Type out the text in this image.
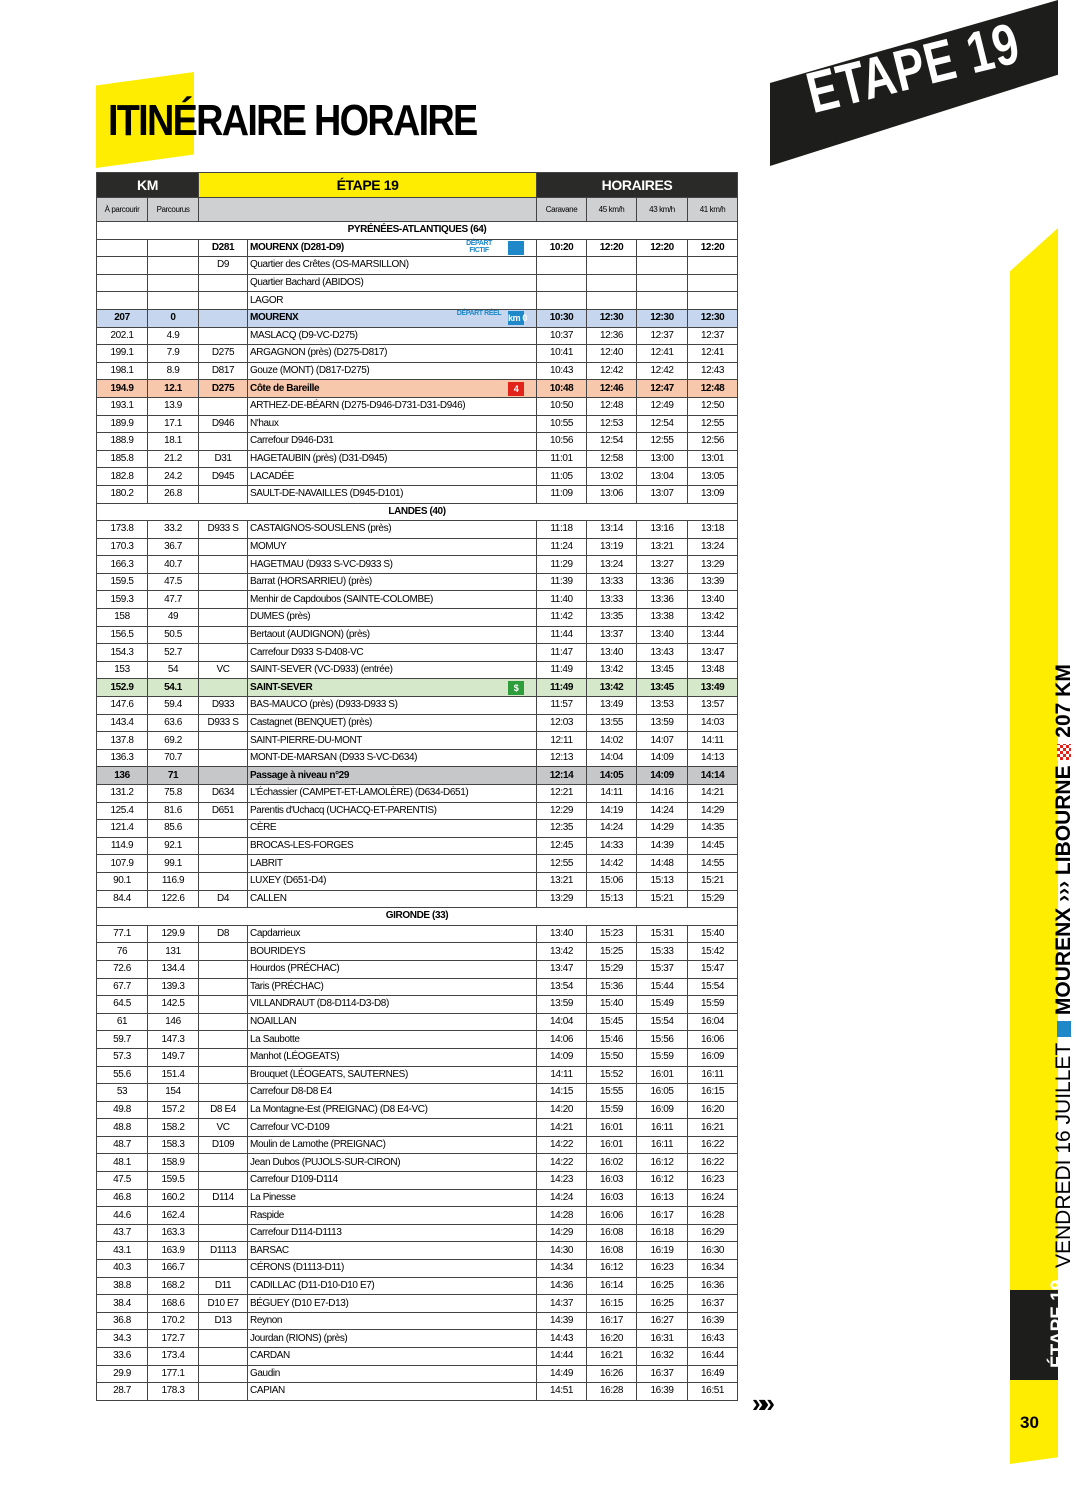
ITINÉRAIRE HORAIRE	ÉTAPE 19
VENDREDI 16 JUILLET  MOURENX ››› LIBOURNE  207 KM
ÉTAPE 19
30
»»
KM		ÉTAPE 19		HORAIRES			
À parcourir	Parcourus			Caravane	45 km/h	43 km/h	41 km/h
PYRÉNÉES-ATLANTIQUES (64)							
		D281	MOURENX (D281-D9) DÉPART FICTIF	10:20	12:20	12:20	12:20
		D9	Quartier des Crêtes (OS-MARSILLON)				

			Quartier Bachard (ABIDOS)				

			LAGOR				

207	0		MOURENX DÉPART RÉEL km 0	10:30	12:30	12:30	12:30
202.1	4.9		MASLACQ (D9-VC-D275)	10:37	12:36	12:37	12:37
199.1	7.9	D275	ARGAGNON (près) (D275-D817)	10:41	12:40	12:41	12:41
198.1	8.9	D817	Gouze (MONT) (D817-D275)	10:43	12:42	12:42	12:43
194.9	12.1	D275	Côte de Bareille 4	10:48	12:46	12:47	12:48
193.1	13.9		ARTHEZ-DE-BÉARN (D275-D946-D731-D31-D946)	10:50	12:48	12:49	12:50
189.9	17.1	D946	N'haux	10:55	12:53	12:54	12:55
188.9	18.1		Carrefour D946-D31	10:56	12:54	12:55	12:56
185.8	21.2	D31	HAGETAUBIN (près) (D31-D945)	11:01	12:58	13:00	13:01
182.8	24.2	D945	LACADÉE	11:05	13:02	13:04	13:05
180.2	26.8		SAULT-DE-NAVAILLES (D945-D101)	11:09	13:06	13:07	13:09
LANDES (40)							
173.8	33.2	D933 S	CASTAIGNOS-SOUSLENS (près)	11:18	13:14	13:16	13:18
170.3	36.7		MOMUY	11:24	13:19	13:21	13:24
166.3	40.7		HAGETMAU (D933 S-VC-D933 S)	11:29	13:24	13:27	13:29
159.5	47.5		Barrat (HORSARRIEU) (près)	11:39	13:33	13:36	13:39
159.3	47.7		Menhir de Capdoubos (SAINTE-COLOMBE)	11:40	13:33	13:36	13:40
158	49		DUMES (près)	11:42	13:35	13:38	13:42
156.5	50.5		Bertaout (AUDIGNON) (près)	11:44	13:37	13:40	13:44
154.3	52.7		Carrefour D933 S-D408-VC	11:47	13:40	13:43	13:47
153	54	VC	SAINT-SEVER (VC-D933) (entrée)	11:49	13:42	13:45	13:48
152.9	54.1		SAINT-SEVER $	11:49	13:42	13:45	13:49
147.6	59.4	D933	BAS-MAUCO (près) (D933-D933 S)	11:57	13:49	13:53	13:57
143.4	63.6	D933 S	Castagnet (BENQUET) (près)	12:03	13:55	13:59	14:03
137.8	69.2		SAINT-PIERRE-DU-MONT	12:11	14:02	14:07	14:11
136.3	70.7		MONT-DE-MARSAN (D933 S-VC-D634)	12:13	14:04	14:09	14:13
136	71		Passage à niveau n°29	12:14	14:05	14:09	14:14
131.2	75.8	D634	L'Échassier (CAMPET-ET-LAMOLÈRE) (D634-D651)	12:21	14:11	14:16	14:21
125.4	81.6	D651	Parentis d'Uchacq (UCHACQ-ET-PARENTIS)	12:29	14:19	14:24	14:29
121.4	85.6		CÈRE	12:35	14:24	14:29	14:35
114.9	92.1		BROCAS-LES-FORGES	12:45	14:33	14:39	14:45
107.9	99.1		LABRIT	12:55	14:42	14:48	14:55
90.1	116.9		LUXEY (D651-D4)	13:21	15:06	15:13	15:21
84.4	122.6	D4	CALLEN	13:29	15:13	15:21	15:29
GIRONDE (33)							
77.1	129.9	D8	Capdarrieux	13:40	15:23	15:31	15:40
76	131		BOURIDEYS	13:42	15:25	15:33	15:42
72.6	134.4		Hourdos (PRÉCHAC)	13:47	15:29	15:37	15:47
67.7	139.3		Taris (PRÉCHAC)	13:54	15:36	15:44	15:54
64.5	142.5		VILLANDRAUT (D8-D114-D3-D8)	13:59	15:40	15:49	15:59
61	146		NOAILLAN	14:04	15:45	15:54	16:04
59.7	147.3		La Saubotte	14:06	15:46	15:56	16:06
57.3	149.7		Manhot (LÉOGEATS)	14:09	15:50	15:59	16:09
55.6	151.4		Brouquet (LÉOGEATS, SAUTERNES)	14:11	15:52	16:01	16:11
53	154		Carrefour D8-D8 E4	14:15	15:55	16:05	16:15
49.8	157.2	D8 E4	La Montagne-Est (PREIGNAC) (D8 E4-VC)	14:20	15:59	16:09	16:20
48.8	158.2	VC	Carrefour VC-D109	14:21	16:01	16:11	16:21
48.7	158.3	D109	Moulin de Lamothe (PREIGNAC)	14:22	16:01	16:11	16:22
48.1	158.9		Jean Dubos (PUJOLS-SUR-CIRON)	14:22	16:02	16:12	16:22
47.5	159.5		Carrefour D109-D114	14:23	16:03	16:12	16:23
46.8	160.2	D114	La Pinesse	14:24	16:03	16:13	16:24
44.6	162.4		Raspide	14:28	16:06	16:17	16:28
43.7	163.3		Carrefour D114-D1113	14:29	16:08	16:18	16:29
43.1	163.9	D1113	BARSAC	14:30	16:08	16:19	16:30
40.3	166.7		CÉRONS (D1113-D11)	14:34	16:12	16:23	16:34
38.8	168.2	D11	CADILLAC (D11-D10-D10 E7)	14:36	16:14	16:25	16:36
38.4	168.6	D10 E7	BÉGUEY (D10 E7-D13)	14:37	16:15	16:25	16:37
36.8	170.2	D13	Reynon	14:39	16:17	16:27	16:39
34.3	172.7		Jourdan (RIONS) (près)	14:43	16:20	16:31	16:43
33.6	173.4		CARDAN	14:44	16:21	16:32	16:44
29.9	177.1		Gaudin	14:49	16:26	16:37	16:49
28.7	178.3		CAPIAN	14:51	16:28	16:39	16:51
